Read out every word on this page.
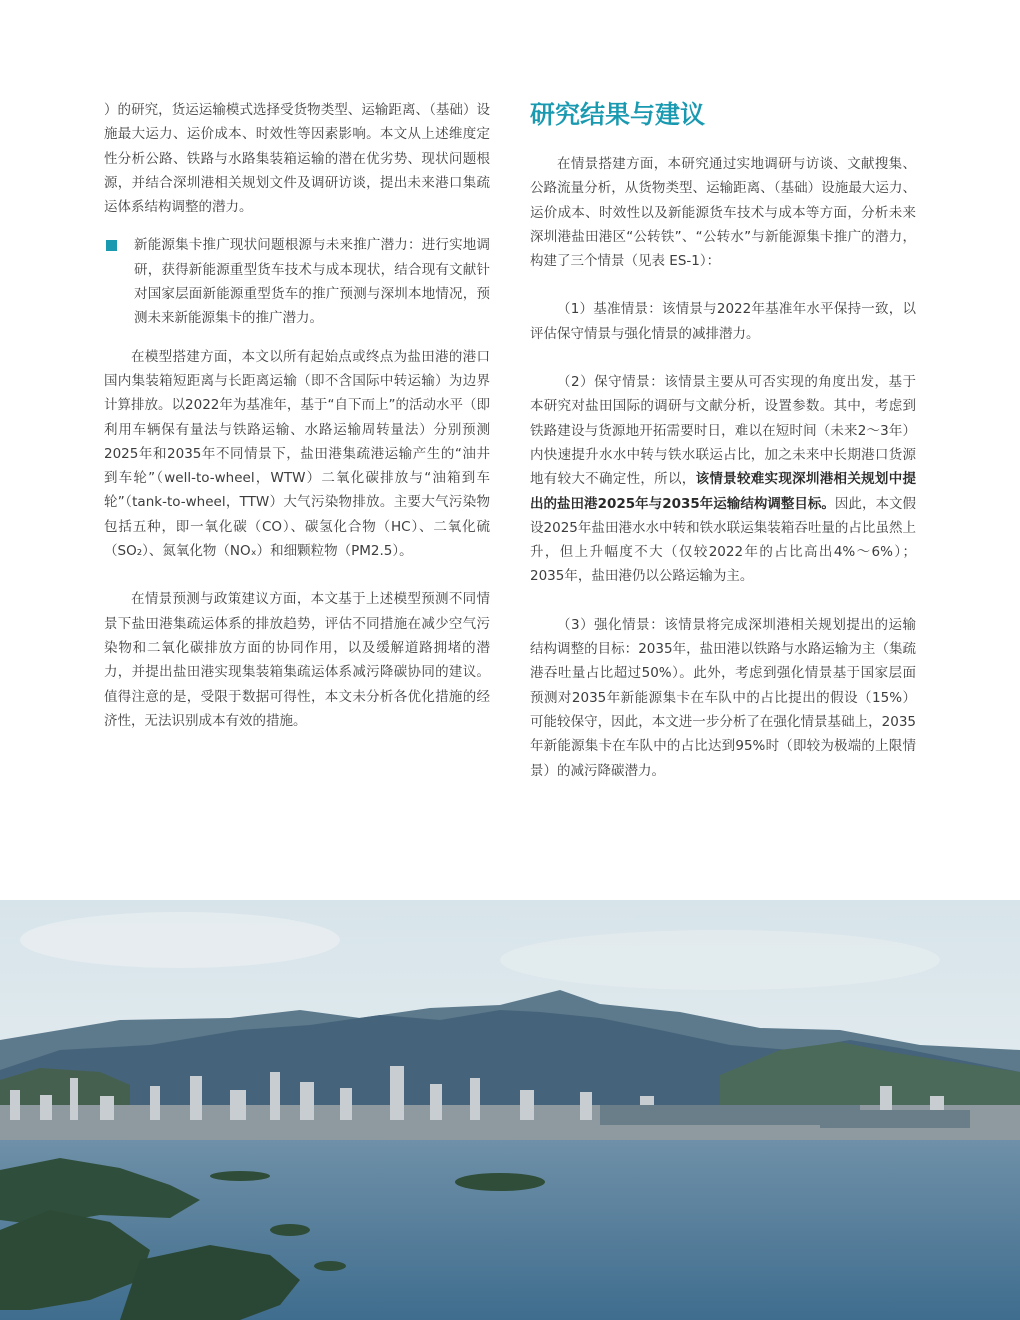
）的研究，货运运输模式选择受货物类型、运输距离、（基础）设施最大运力、运价成本、时效性等因素影响。本文从上述维度定性分析公路、铁路与水路集装箱运输的潜在优劣势、现状问题根源，并结合深圳港相关规划文件及调研访谈，提出未来港口集疏运体系结构调整的潜力。

新能源集卡推广现状问题根源与未来推广潜力：进行实地调研，获得新能源重型货车技术与成本现状，结合现有文献针对国家层面新能源重型货车的推广预测与深圳本地情况，预测未来新能源集卡的推广潜力。

在模型搭建方面，本文以所有起始点或终点为盐田港的港口国内集装箱短距离与长距离运输（即不含国际中转运输）为边界计算排放。以2022年为基准年，基于“自下而上”的活动水平（即利用车辆保有量法与铁路运输、水路运输周转量法）分别预测2025年和2035年不同情景下，盐田港集疏港运输产生的“油井到车轮”（well-to-wheel，WTW）二氧化碳排放与“油箱到车轮”（tank-to-wheel，TTW）大气污染物排放。主要大气污染物包括五种，即一氧化碳（CO）、碳氢化合物（HC）、二氧化硫（SO₂）、氮氧化物（NOₓ）和细颗粒物（PM2.5）。

在情景预测与政策建议方面，本文基于上述模型预测不同情景下盐田港集疏运体系的排放趋势，评估不同措施在减少空气污染物和二氧化碳排放方面的协同作用，以及缓解道路拥堵的潜力，并提出盐田港实现集装箱集疏运体系减污降碳协同的建议。值得注意的是，受限于数据可得性，本文未分析各优化措施的经济性，无法识别成本有效的措施。

研究结果与建议

在情景搭建方面，本研究通过实地调研与访谈、文献搜集、公路流量分析，从货物类型、运输距离、（基础）设施最大运力、运价成本、时效性以及新能源货车技术与成本等方面，分析未来深圳港盐田港区“公转铁”、“公转水”与新能源集卡推广的潜力，构建了三个情景（见表 ES-1）：

（1）基准情景：该情景与2022年基准年水平保持一致，以评估保守情景与强化情景的减排潜力。

（2）保守情景：该情景主要从可否实现的角度出发，基于本研究对盐田国际的调研与文献分析，设置参数。其中，考虑到铁路建设与货源地开拓需要时日，难以在短时间（未来2～3年）内快速提升水水中转与铁水联运占比，加之未来中长期港口货源地有较大不确定性，所以，该情景较难实现深圳港相关规划中提出的盐田港2025年与2035年运输结构调整目标。因此，本文假设2025年盐田港水水中转和铁水联运集装箱吞吐量的占比虽然上升，但上升幅度不大（仅较2022年的占比高出4%～6%）；2035年，盐田港仍以公路运输为主。

（3）强化情景：该情景将完成深圳港相关规划提出的运输结构调整的目标：2035年，盐田港以铁路与水路运输为主（集疏港吞吐量占比超过50%）。此外，考虑到强化情景基于国家层面预测对2035年新能源集卡在车队中的占比提出的假设（15%）可能较保守，因此，本文进一步分析了在强化情景基础上，2035年新能源集卡在车队中的占比达到95%时（即较为极端的上限情景）的减污降碳潜力。
